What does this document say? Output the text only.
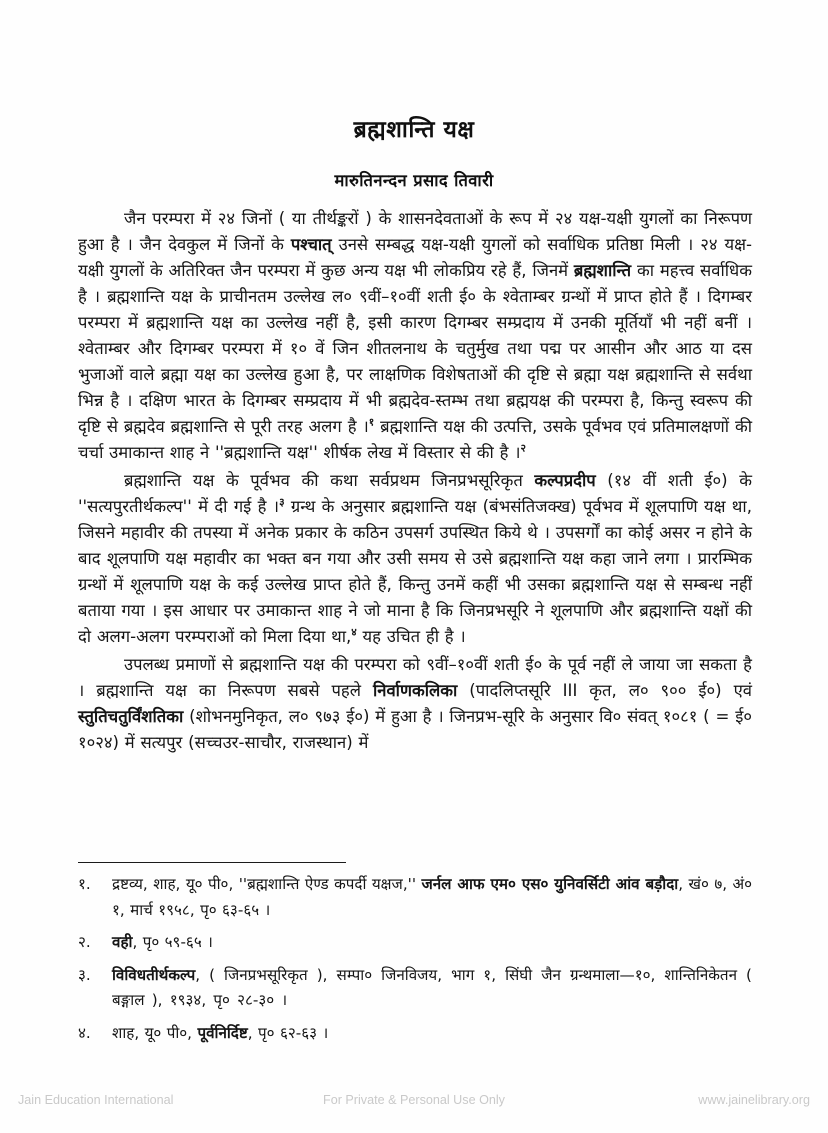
ब्रह्मशान्ति यक्ष
मारुतिनन्दन प्रसाद तिवारी
जैन परम्परा में २४ जिनों ( या तीर्थङ्करों ) के शासनदेवताओं के रूप में २४ यक्ष-यक्षी युगलों का निरूपण हुआ है । जैन देवकुल में जिनों के पश्चात् उनसे सम्बद्ध यक्ष-यक्षी युगलों को सर्वाधिक प्रतिष्ठा मिली । २४ यक्ष-यक्षी युगलों के अतिरिक्त जैन परम्परा में कुछ अन्य यक्ष भी लोकप्रिय रहे हैं, जिनमें ब्रह्मशान्ति का महत्त्व सर्वाधिक है । ब्रह्मशान्ति यक्ष के प्राचीनतम उल्लेख ल० ९वीं–१०वीं शती ई० के श्वेताम्बर ग्रन्थों में प्राप्त होते हैं । दिगम्बर परम्परा में ब्रह्मशान्ति यक्ष का उल्लेख नहीं है, इसी कारण दिगम्बर सम्प्रदाय में उनकी मूर्तियाँ भी नहीं बनीं । श्वेताम्बर और दिगम्बर परम्परा में १० वें जिन शीतलनाथ के चतुर्मुख तथा पद्म पर आसीन और आठ या दस भुजाओं वाले ब्रह्मा यक्ष का उल्लेख हुआ है, पर लाक्षणिक विशेषताओं की दृष्टि से ब्रह्मा यक्ष ब्रह्मशान्ति से सर्वथा भिन्न है । दक्षिण भारत के दिगम्बर सम्प्रदाय में भी ब्रह्मदेव-स्तम्भ तथा ब्रह्मयक्ष की परम्परा है, किन्तु स्वरूप की दृष्टि से ब्रह्मदेव ब्रह्मशान्ति से पूरी तरह अलग है ।$^१$ ब्रह्मशान्ति यक्ष की उत्पत्ति, उसके पूर्वभव एवं प्रतिमालक्षणों की चर्चा उमाकान्त शाह ने ''ब्रह्मशान्ति यक्ष'' शीर्षक लेख में विस्तार से की है ।$^२$
ब्रह्मशान्ति यक्ष के पूर्वभव की कथा सर्वप्रथम जिनप्रभसूरिकृत कल्पप्रदीप (१४ वीं शती ई०) के ''सत्यपुरतीर्थकल्प'' में दी गई है ।$^३$ ग्रन्थ के अनुसार ब्रह्मशान्ति यक्ष (बंभसंतिजक्ख) पूर्वभव में शूलपाणि यक्ष था, जिसने महावीर की तपस्या में अनेक प्रकार के कठिन उपसर्ग उपस्थित किये थे । उपसर्गों का कोई असर न होने के बाद शूलपाणि यक्ष महावीर का भक्त बन गया और उसी समय से उसे ब्रह्मशान्ति यक्ष कहा जाने लगा । प्रारम्भिक ग्रन्थों में शूलपाणि यक्ष के कई उल्लेख प्राप्त होते हैं, किन्तु उनमें कहीं भी उसका ब्रह्मशान्ति यक्ष से सम्बन्ध नहीं बताया गया । इस आधार पर उमाकान्त शाह ने जो माना है कि जिनप्रभसूरि ने शूलपाणि और ब्रह्मशान्ति यक्षों की दो अलग-अलग परम्पराओं को मिला दिया था,$^४$ यह उचित ही है ।
उपलब्ध प्रमाणों से ब्रह्मशान्ति यक्ष की परम्परा को ९वीं–१०वीं शती ई० के पूर्व नहीं ले जाया जा सकता है । ब्रह्मशान्ति यक्ष का निरूपण सबसे पहले निर्वाणकलिका (पादलिप्तसूरि III कृत, ल० ९०० ई०) एवं स्तुतिचतुर्विंशतिका (शोभनमुनिकृत, ल० ९७३ ई०) में हुआ है । जिनप्रभ-सूरि के अनुसार वि० संवत् १०८१ ( = ई० १०२४) में सत्यपुर (सच्चउर-साचौर, राजस्थान) में
१.	द्रष्टव्य, शाह, यू० पी०, ''ब्रह्मशान्ति ऐण्ड कपर्दी यक्षज,'' जर्नल आफ एम० एस० युनिवर्सिटी आंव बड़ौदा, खं० ७, अं० १, मार्च १९५८, पृ० ६३-६५ ।
२.	वही, पृ० ५९-६५ ।
३.	विविधतीर्थकल्प, ( जिनप्रभसूरिकृत ), सम्पा० जिनविजय, भाग १, सिंघी जैन ग्रन्थमाला—१०, शान्तिनिकेतन ( बङ्गाल ), १९३४, पृ० २८-३० ।
४.	शाह, यू० पी०, पूर्वनिर्दिष्ट, पृ० ६२-६३ ।
Jain Education International	For Private & Personal Use Only	www.jainelibrary.org
